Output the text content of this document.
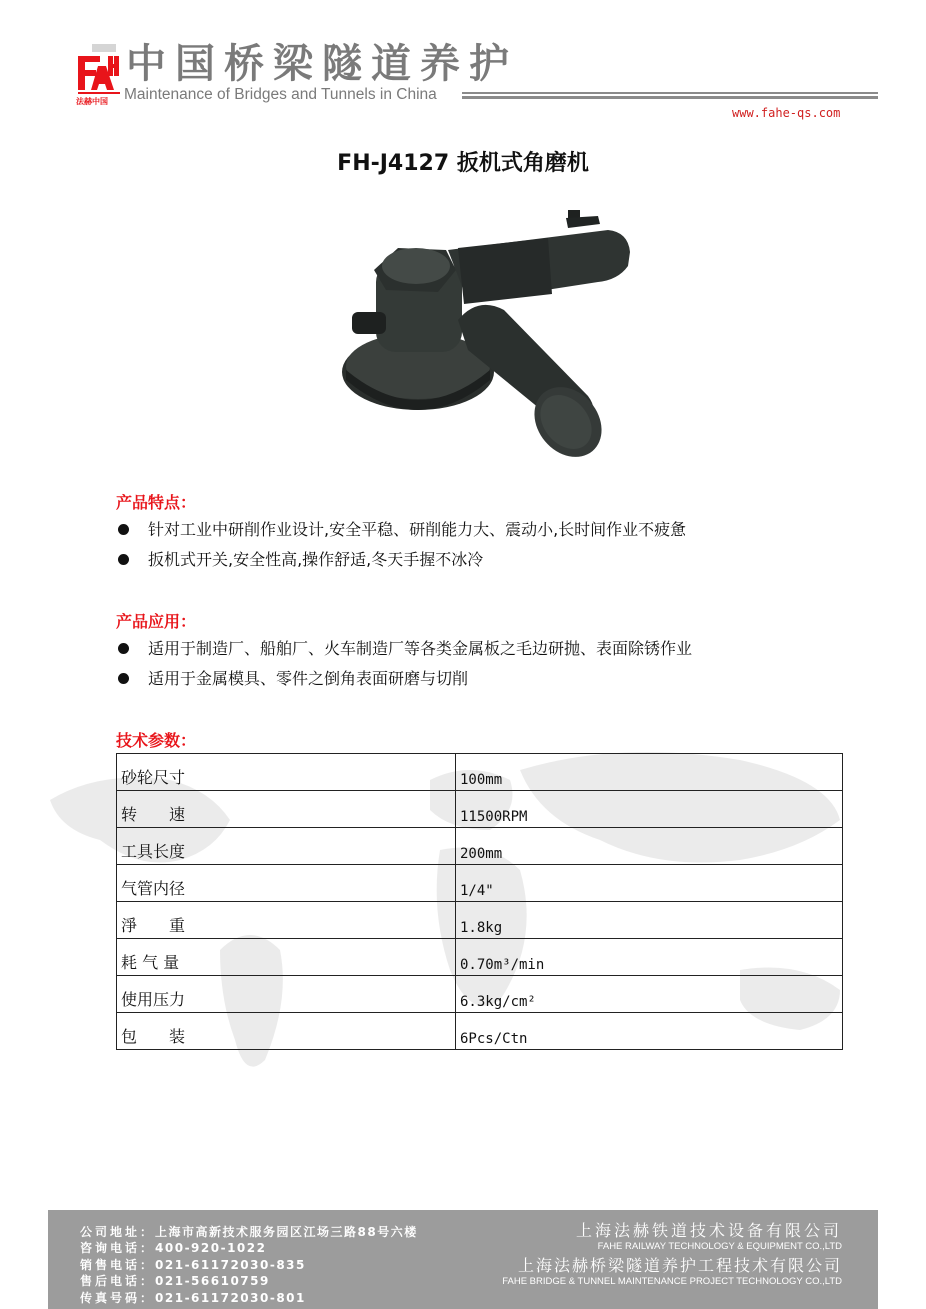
法赫中国
中国桥梁隧道养护
Maintenance of Bridges and Tunnels in China
www.fahe-qs.com
FH-J4127 扳机式角磨机
产品特点：
针对工业中研削作业设计,安全平稳、研削能力大、震动小,长时间作业不疲惫
扳机式开关,安全性高,操作舒适,冬天手握不冰冷
产品应用：
适用于制造厂、船舶厂、火车制造厂等各类金属板之毛边研抛、表面除锈作业
适用于金属模具、零件之倒角表面研磨与切削
技术参数：
砂轮尺寸	100mm
转　　速	11500RPM
工具长度	200mm
气管内径	1/4"
淨　　重	1.8kg
耗 气 量	0.70m³/min
使用压力	6.3kg/cm²
包　　装	6Pcs/Ctn
公司地址：上海市高新技术服务园区江场三路88号六楼
咨询电话：400-920-1022
销售电话：021-61172030-835
售后电话：021-56610759
传真号码：021-61172030-801
上海法赫铁道技术设备有限公司
FAHE RAILWAY TECHNOLOGY & EQUIPMENT CO.,LTD
上海法赫桥梁隧道养护工程技术有限公司
FAHE BRIDGE & TUNNEL MAINTENANCE PROJECT TECHNOLOGY CO.,LTD
